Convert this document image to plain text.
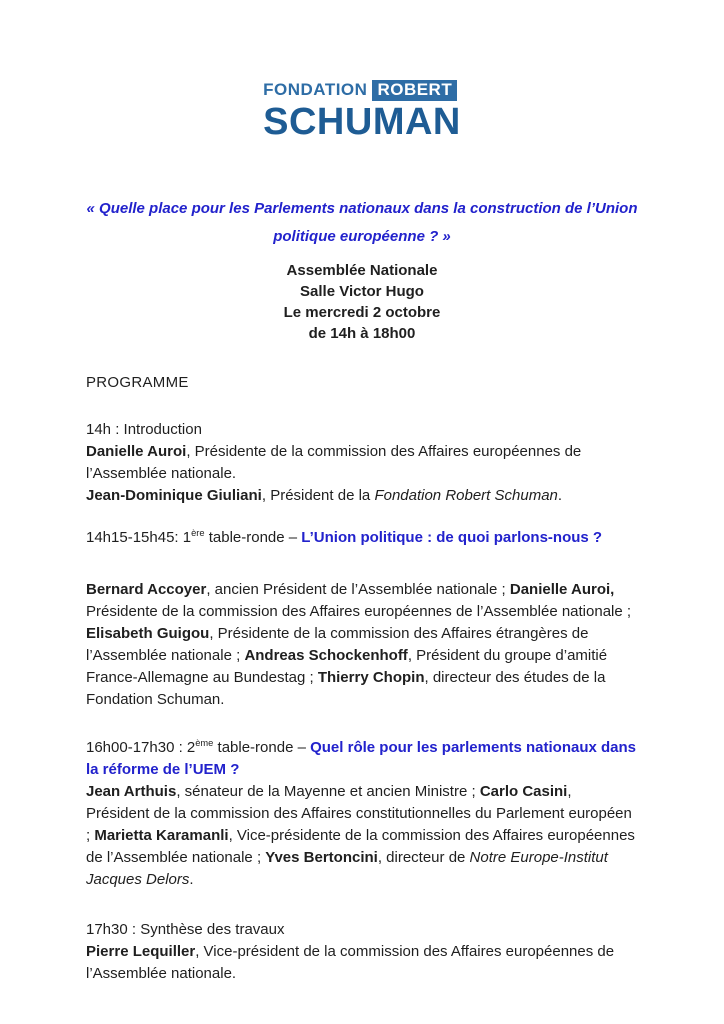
FONDATION ROBERT
SCHUMAN
« Quelle place pour les Parlements nationaux dans la construction de l’Union
politique européenne ? »
Assemblée Nationale
Salle Victor Hugo
Le mercredi 2 octobre
de 14h à 18h00
PROGRAMME

14h : Introduction
Danielle Auroi, Présidente de la commission des Affaires européennes de l’Assemblée nationale.
Jean-Dominique Giuliani, Président de la Fondation Robert Schuman.

14h15-15h45: 1ère table-ronde – L’Union politique : de quoi parlons-nous ?

Bernard Accoyer, ancien Président de l’Assemblée nationale ; Danielle Auroi, Présidente de la commission des Affaires européennes de l’Assemblée nationale ; Elisabeth Guigou, Présidente de la commission des Affaires étrangères de l’Assemblée nationale ; Andreas Schockenhoff, Président du groupe d’amitié France-Allemagne au Bundestag ; Thierry Chopin, directeur des études de la Fondation Schuman.

16h00-17h30 : 2ème table-ronde – Quel rôle pour les parlements nationaux dans la réforme de l’UEM ?

Jean Arthuis, sénateur de la Mayenne et ancien Ministre ; Carlo Casini, Président de la commission des Affaires constitutionnelles du Parlement européen ; Marietta Karamanli, Vice-présidente de la commission des Affaires européennes de l’Assemblée nationale ; Yves Bertoncini, directeur de Notre Europe-Institut Jacques Delors.

17h30 : Synthèse des travaux
Pierre Lequiller, Vice-président de la commission des Affaires européennes de l’Assemblée nationale.
